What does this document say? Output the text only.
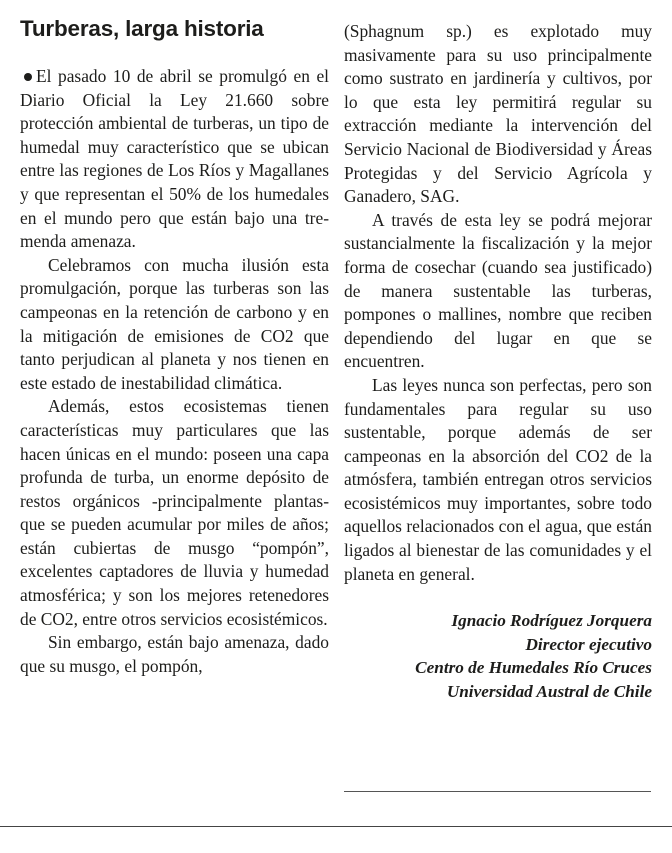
Turberas, larga historia

El pasado 10 de abril se promulgó en el Diario Oficial la Ley 21.660 sobre protección ambiental de turberas, un tipo de humedal muy característico que se ubican entre las regiones de Los Ríos y Magallanes y que representan el 50% de los humedales en el mundo pero que están bajo una tremenda amenaza.

Celebramos con mucha ilusión esta promulgación, porque las turberas son las campeonas en la retención de carbono y en la mitigación de emisiones de CO2 que tanto perjudican al planeta y nos tienen en este estado de inestabilidad climática.

Además, estos ecosistemas tienen características muy particulares que las hacen únicas en el mundo: poseen una capa profunda de turba, un enorme depósito de restos orgánicos -principalmente plantas- que se pueden acumular por miles de años; están cubiertas de musgo “pompón”, excelentes captadores de lluvia y humedad atmosférica; y son los mejores retenedores de CO2, entre otros servicios ecosistémicos.

Sin embargo, están bajo amenaza, dado que su musgo, el pompón,

(Sphagnum sp.) es explotado muy masivamente para su uso principalmente como sustrato en jardinería y cultivos, por lo que esta ley permitirá regular su extracción mediante la intervención del Servicio Nacional de Biodiversidad y Áreas Protegidas y del Servicio Agrícola y Ganadero, SAG.

A través de esta ley se podrá mejorar sustancialmente la fiscalización y la mejor forma de cosechar (cuando sea justificado) de manera sustentable las turberas, pompones o mallines, nombre que reciben dependiendo del lugar en que se encuentren.

Las leyes nunca son perfectas, pero son fundamentales para regular su uso sustentable, porque además de ser campeonas en la absorción del CO2 de la atmósfera, también entregan otros servicios ecosistémicos muy importantes, sobre todo aquellos relacionados con el agua, que están ligados al bienestar de las comunidades y el planeta en general.

Ignacio Rodríguez Jorquera
Director ejecutivo
Centro de Humedales Río Cruces
Universidad Austral de Chile
